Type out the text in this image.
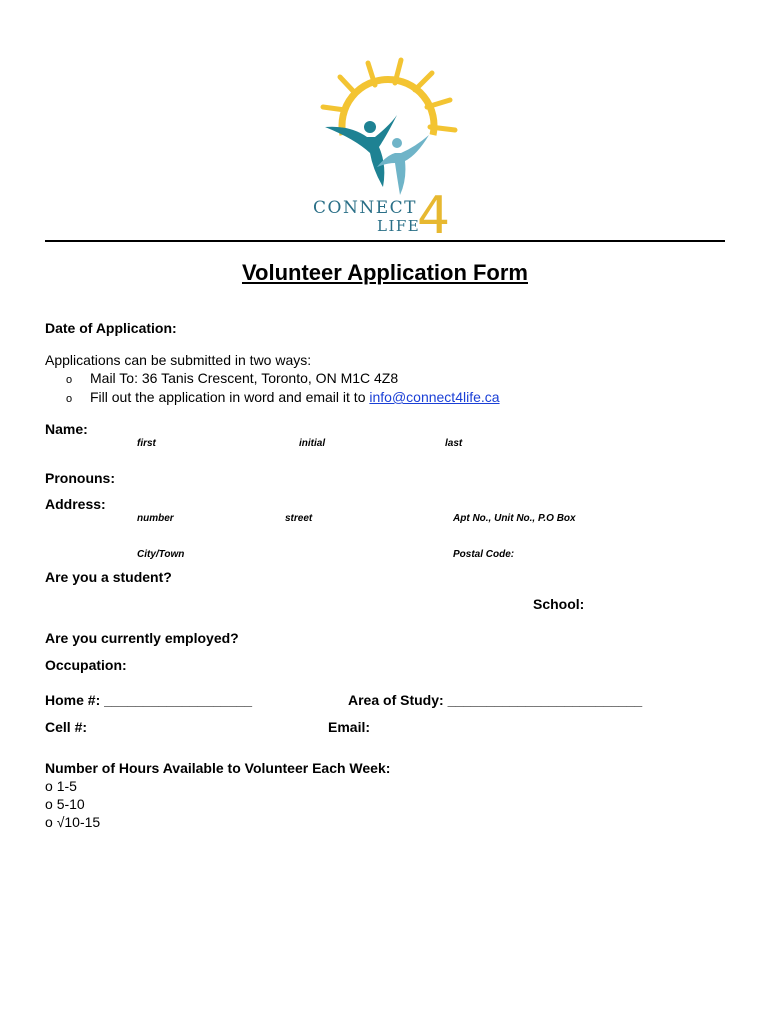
4
CONNECT
LIFE
Volunteer Application Form
Date of Application:
Applications can be submitted in two ways:
o Mail To: 36 Tanis Crescent, Toronto, ON M1C 4Z8
o Fill out the application in word and email it to info@connect4life.ca
Name:
first	initial	last
Pronouns:
Address:
number	street	Apt No., Unit No., P.O Box
City/Town	Postal Code:
Are you a student?
School:
Are you currently employed?
Occupation:
Home #: ___________________	Area of Study: _________________________
Cell #:	Email:
Number of Hours Available to Volunteer Each Week:
o 1-5
o 5-10
o √10-15
